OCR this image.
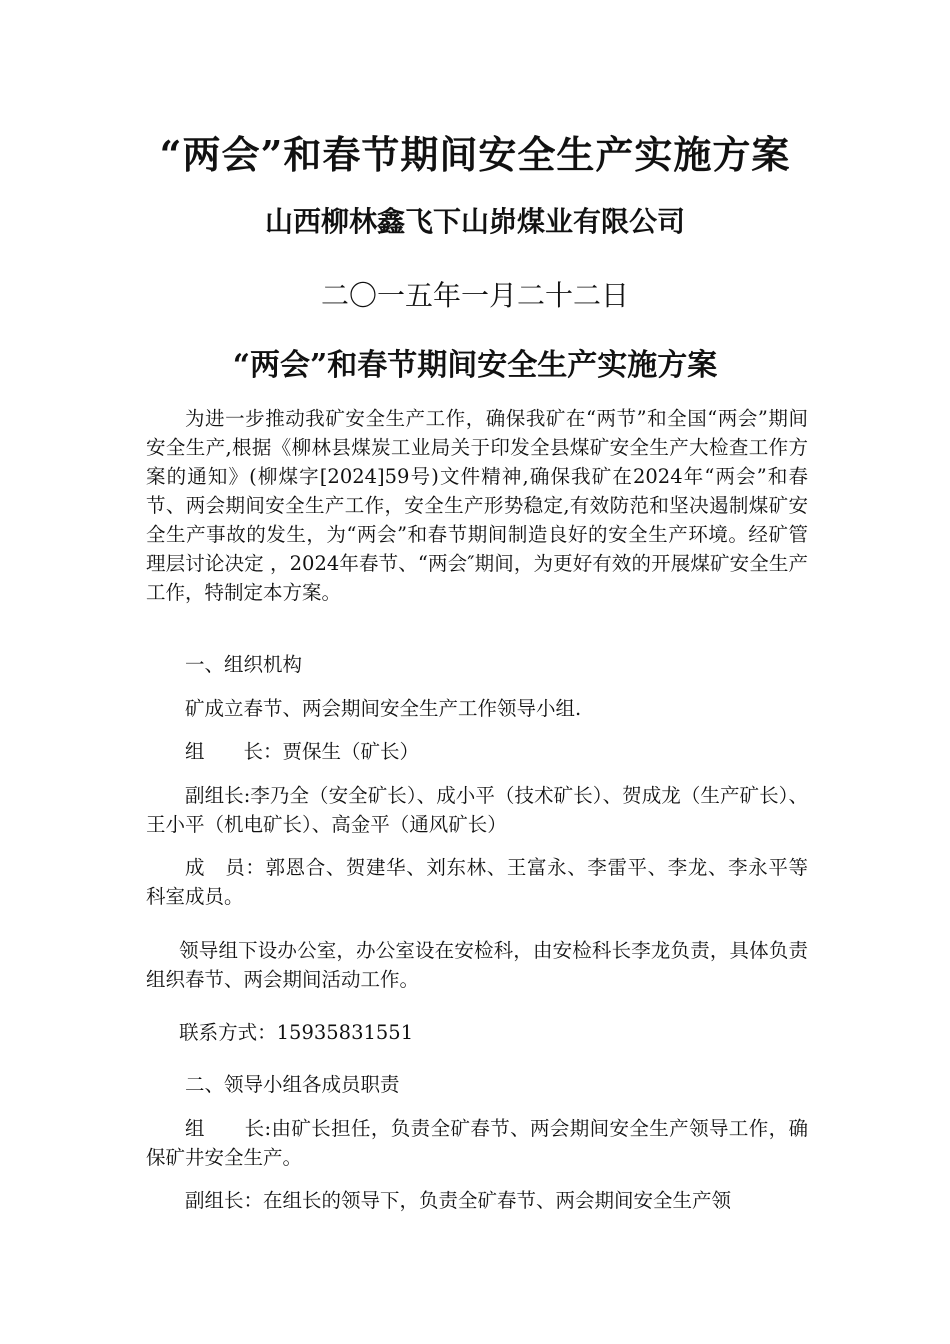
“两会”和春节期间安全生产实施方案
山西柳林鑫飞下山峁煤业有限公司
二〇一五年一月二十二日
“两会”和春节期间安全生产实施方案
为进一步推动我矿安全生产工作，确保我矿在“两节”和全国“两会”期间安全生产,根据《柳林县煤炭工业局关于印发全县煤矿安全生产大检查工作方案的通知》(柳煤字[2024]59号)文件精神,确保我矿在2024年“两会”和春节、两会期间安全生产工作，安全生产形势稳定,有效防范和坚决遏制煤矿安全生产事故的发生，为“两会”和春节期间制造良好的安全生产环境。经矿管理层讨论决定 ，2024年春节、“两会″期间，为更好有效的开展煤矿安全生产工作，特制定本方案。
一、组织机构
矿成立春节、两会期间安全生产工作领导小组.
组　　长：贾保生（矿长）
副组长:李乃全（安全矿长）、成小平（技术矿长）、贺成龙（生产矿长）、王小平（机电矿长）、高金平（通风矿长）
成　员：郭恩合、贺建华、刘东林、王富永、李雷平、李龙、李永平等科室成员。
领导组下设办公室，办公室设在安检科，由安检科长李龙负责，具体负责组织春节、两会期间活动工作。
联系方式：15935831551
二、领导小组各成员职责
组　　长:由矿长担任，负责全矿春节、两会期间安全生产领导工作，确保矿井安全生产。
副组长：在组长的领导下，负责全矿春节、两会期间安全生产领
